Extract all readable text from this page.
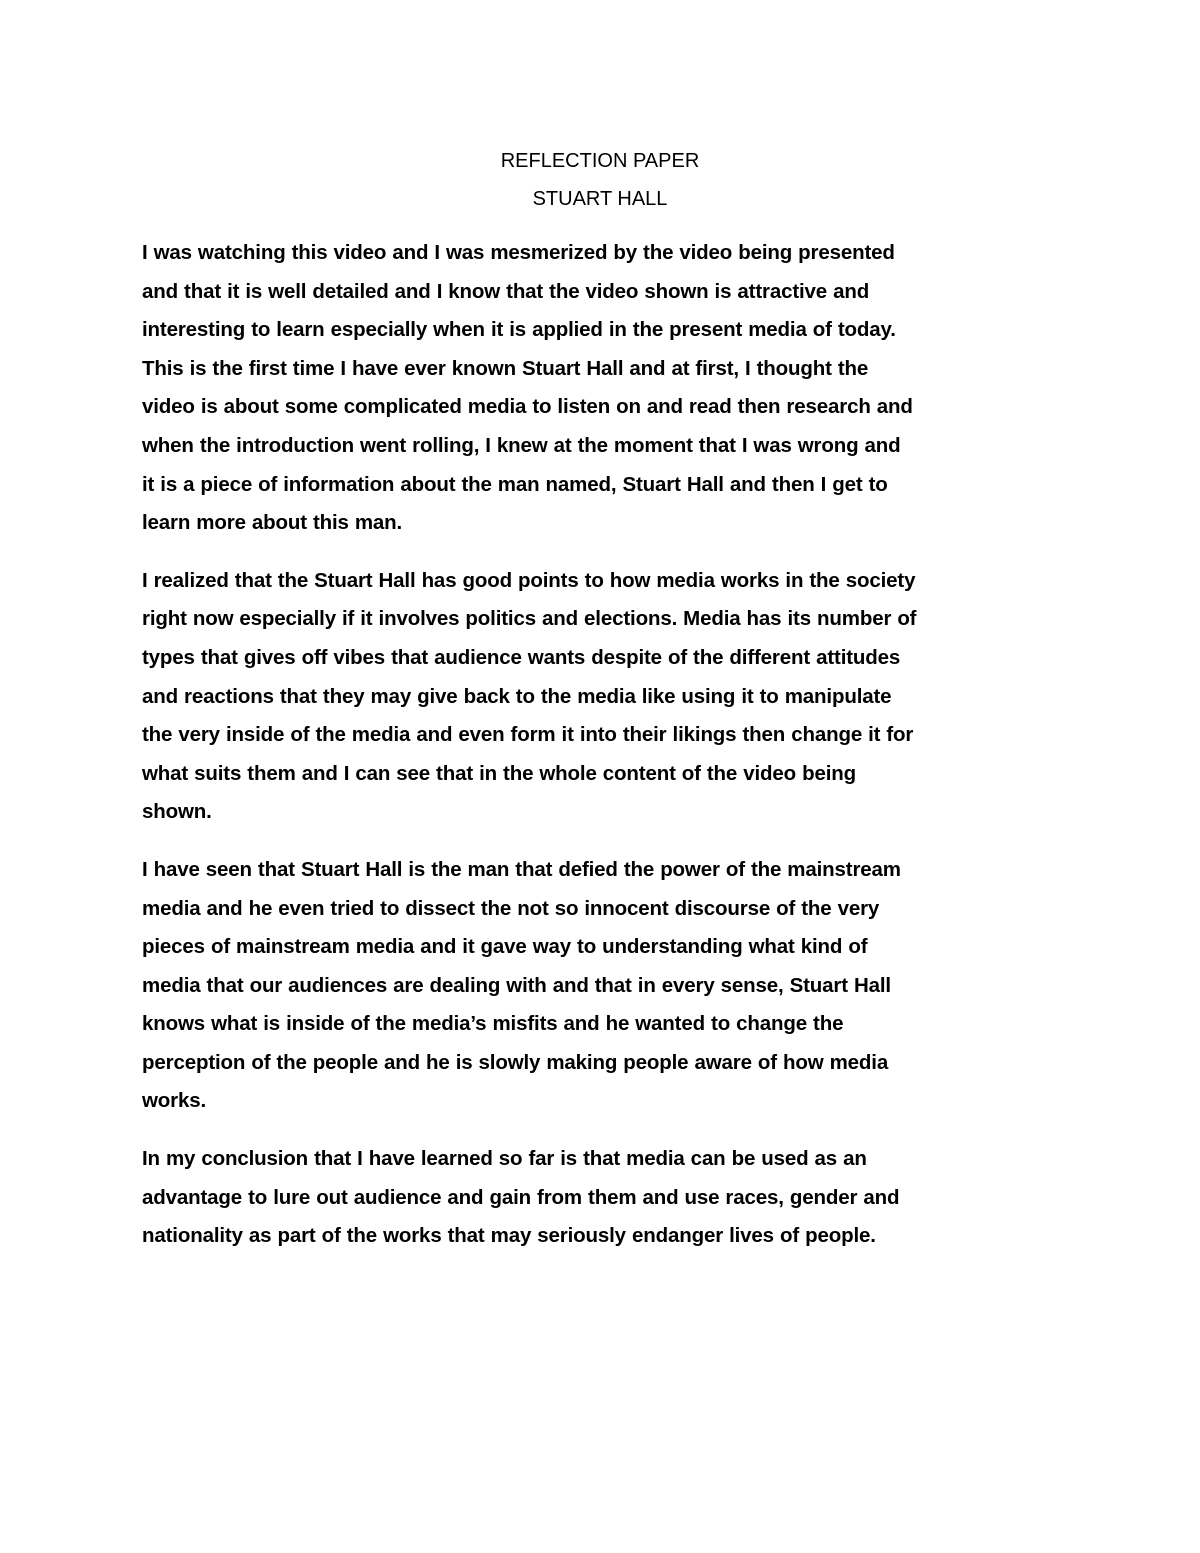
REFLECTION PAPER
STUART HALL

I was watching this video and I was mesmerized by the video being presented
and that it is well detailed and I know that the video shown is attractive and
interesting to learn especially when it is applied in the present media of today.
This is the first time I have ever known Stuart Hall and at first, I thought the
video is about some complicated media to listen on and read then research and
when the introduction went rolling, I knew at the moment that I was wrong and
it is a piece of information about the man named, Stuart Hall and then I get to
learn more about this man.

I realized that the Stuart Hall has good points to how media works in the society
right now especially if it involves politics and elections. Media has its number of
types that gives off vibes that audience wants despite of the different attitudes
and reactions that they may give back to the media like using it to manipulate
the very inside of the media and even form it into their likings then change it for
what suits them and I can see that in the whole content of the video being
shown.

I have seen that Stuart Hall is the man that defied the power of the mainstream
media and he even tried to dissect the not so innocent discourse of the very
pieces of mainstream media and it gave way to understanding what kind of
media that our audiences are dealing with and that in every sense, Stuart Hall
knows what is inside of the media’s misfits and he wanted to change the
perception of the people and he is slowly making people aware of how media
works.

In my conclusion that I have learned so far is that media can be used as an
advantage to lure out audience and gain from them and use races, gender and
nationality as part of the works that may seriously endanger lives of people.
